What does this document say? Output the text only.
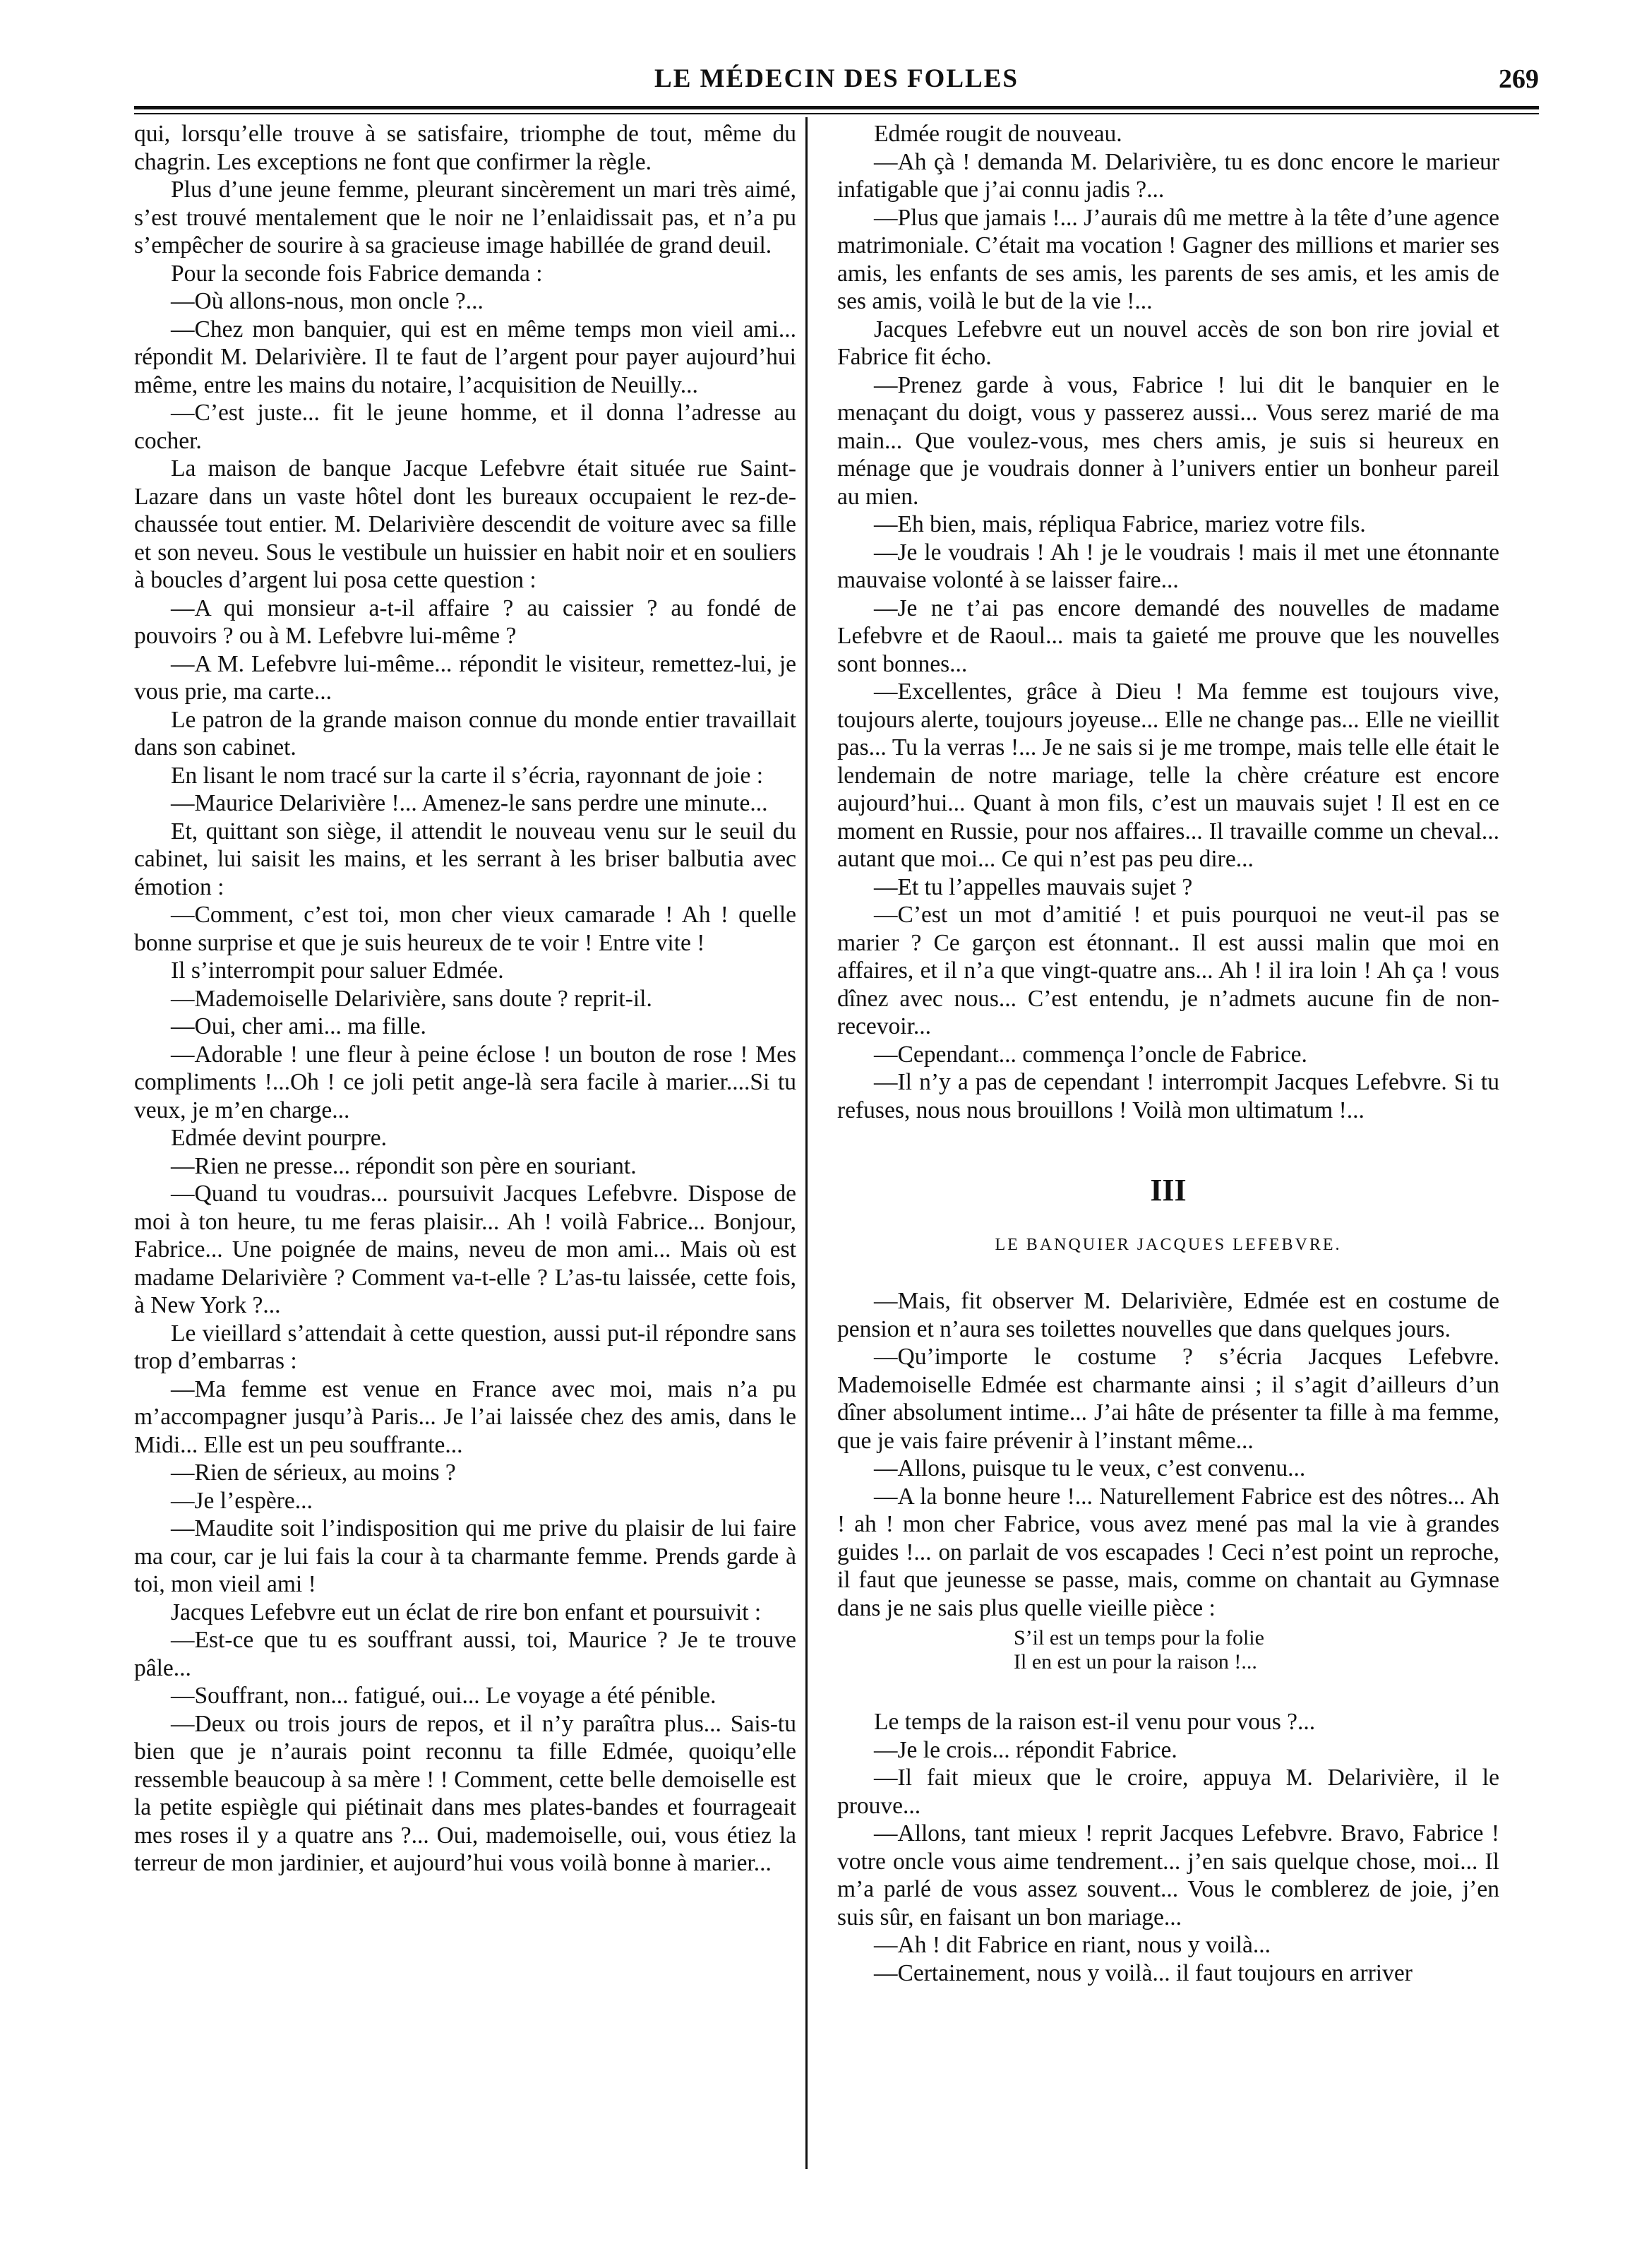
LE MÉDECIN DES FOLLES	269

qui, lorsqu’elle trouve à se satisfaire, triomphe de tout, même du chagrin. Les exceptions ne font que confirmer la règle.

Plus d’une jeune femme, pleurant sincèrement un mari très aimé, s’est trouvé mentalement que le noir ne l’enlaidissait pas, et n’a pu s’empêcher de sourire à sa gracieuse image habillée de grand deuil.

Pour la seconde fois Fabrice demanda :

—Où allons-nous, mon oncle ?...

—Chez mon banquier, qui est en même temps mon vieil ami... répondit M. Delarivière. Il te faut de l’argent pour payer aujourd’hui même, entre les mains du notaire, l’acquisition de Neuilly...

—C’est juste... fit le jeune homme, et il donna l’adresse au cocher.

La maison de banque Jacque Lefebvre était située rue Saint-Lazare dans un vaste hôtel dont les bureaux occupaient le rez-de-chaussée tout entier. M. Delarivière descendit de voiture avec sa fille et son neveu. Sous le vestibule un huissier en habit noir et en souliers à boucles d’argent lui posa cette question :

—A qui monsieur a-t-il affaire ? au caissier ? au fondé de pouvoirs ? ou à M. Lefebvre lui-même ?

—A M. Lefebvre lui-même... répondit le visiteur, remettez-lui, je vous prie, ma carte...

Le patron de la grande maison connue du monde entier travaillait dans son cabinet.

En lisant le nom tracé sur la carte il s’écria, rayonnant de joie :

—Maurice Delarivière !... Amenez-le sans perdre une minute...

Et, quittant son siège, il attendit le nouveau venu sur le seuil du cabinet, lui saisit les mains, et les serrant à les briser balbutia avec émotion :

—Comment, c’est toi, mon cher vieux camarade ! Ah ! quelle bonne surprise et que je suis heureux de te voir ! Entre vite !

Il s’interrompit pour saluer Edmée.

—Mademoiselle Delarivière, sans doute ? reprit-il.

—Oui, cher ami... ma fille.

—Adorable ! une fleur à peine éclose ! un bouton de rose ! Mes compliments !...Oh ! ce joli petit ange-là sera facile à marier....Si tu veux, je m’en charge...

Edmée devint pourpre.

—Rien ne presse... répondit son père en souriant.

—Quand tu voudras... poursuivit Jacques Lefebvre. Dispose de moi à ton heure, tu me feras plaisir... Ah ! voilà Fabrice... Bonjour, Fabrice... Une poignée de mains, neveu de mon ami... Mais où est madame Delarivière ? Comment va-t-elle ? L’as-tu laissée, cette fois, à New York ?...

Le vieillard s’attendait à cette question, aussi put-il répondre sans trop d’embarras :

—Ma femme est venue en France avec moi, mais n’a pu m’accompagner jusqu’à Paris... Je l’ai laissée chez des amis, dans le Midi... Elle est un peu souffrante...

—Rien de sérieux, au moins ?

—Je l’espère...

—Maudite soit l’indisposition qui me prive du plaisir de lui faire ma cour, car je lui fais la cour à ta charmante femme. Prends garde à toi, mon vieil ami !

Jacques Lefebvre eut un éclat de rire bon enfant et poursuivit :

—Est-ce que tu es souffrant aussi, toi, Maurice ? Je te trouve pâle...

—Souffrant, non... fatigué, oui... Le voyage a été pénible.

—Deux ou trois jours de repos, et il n’y paraîtra plus... Sais-tu bien que je n’aurais point reconnu ta fille Edmée, quoiqu’elle ressemble beaucoup à sa mère ! ! Comment, cette belle demoiselle est la petite espiègle qui piétinait dans mes plates-bandes et fourrageait mes roses il y a quatre ans ?... Oui, mademoiselle, oui, vous étiez la terreur de mon jardinier, et aujourd’hui vous voilà bonne à marier...

Edmée rougit de nouveau.

—Ah çà ! demanda M. Delarivière, tu es donc encore le marieur infatigable que j’ai connu jadis ?...

—Plus que jamais !... J’aurais dû me mettre à la tête d’une agence matrimoniale. C’était ma vocation ! Gagner des millions et marier ses amis, les enfants de ses amis, les parents de ses amis, et les amis de ses amis, voilà le but de la vie !...

Jacques Lefebvre eut un nouvel accès de son bon rire jovial et Fabrice fit écho.

—Prenez garde à vous, Fabrice ! lui dit le banquier en le menaçant du doigt, vous y passerez aussi... Vous serez marié de ma main... Que voulez-vous, mes chers amis, je suis si heureux en ménage que je voudrais donner à l’univers entier un bonheur pareil au mien.

—Eh bien, mais, répliqua Fabrice, mariez votre fils.

—Je le voudrais ! Ah ! je le voudrais ! mais il met une étonnante mauvaise volonté à se laisser faire...

—Je ne t’ai pas encore demandé des nouvelles de madame Lefebvre et de Raoul... mais ta gaieté me prouve que les nouvelles sont bonnes...

—Excellentes, grâce à Dieu ! Ma femme est toujours vive, toujours alerte, toujours joyeuse... Elle ne change pas... Elle ne vieillit pas... Tu la verras !... Je ne sais si je me trompe, mais telle elle était le lendemain de notre mariage, telle la chère créature est encore aujourd’hui... Quant à mon fils, c’est un mauvais sujet ! Il est en ce moment en Russie, pour nos affaires... Il travaille comme un cheval... autant que moi... Ce qui n’est pas peu dire...

—Et tu l’appelles mauvais sujet ?

—C’est un mot d’amitié ! et puis pourquoi ne veut-il pas se marier ? Ce garçon est étonnant.. Il est aussi malin que moi en affaires, et il n’a que vingt-quatre ans... Ah ! il ira loin ! Ah ça ! vous dînez avec nous... C’est entendu, je n’admets aucune fin de non-recevoir...

—Cependant... commença l’oncle de Fabrice.

—Il n’y a pas de cependant ! interrompit Jacques Lefebvre. Si tu refuses, nous nous brouillons ! Voilà mon ultimatum !...

III
LE BANQUIER JACQUES LEFEBVRE.

—Mais, fit observer M. Delarivière, Edmée est en costume de pension et n’aura ses toilettes nouvelles que dans quelques jours.

—Qu’importe le costume ? s’écria Jacques Lefebvre. Mademoiselle Edmée est charmante ainsi ; il s’agit d’ailleurs d’un dîner absolument intime... J’ai hâte de présenter ta fille à ma femme, que je vais faire prévenir à l’instant même...

—Allons, puisque tu le veux, c’est convenu...

—A la bonne heure !... Naturellement Fabrice est des nôtres... Ah ! ah ! mon cher Fabrice, vous avez mené pas mal la vie à grandes guides !... on parlait de vos escapades ! Ceci n’est point un reproche, il faut que jeunesse se passe, mais, comme on chantait au Gymnase dans je ne sais plus quelle vieille pièce :

S’il est un temps pour la folie
Il en est un pour la raison !...

Le temps de la raison est-il venu pour vous ?...

—Je le crois... répondit Fabrice.

—Il fait mieux que le croire, appuya M. Delarivière, il le prouve...

—Allons, tant mieux ! reprit Jacques Lefebvre. Bravo, Fabrice ! votre oncle vous aime tendrement... j’en sais quelque chose, moi... Il m’a parlé de vous assez souvent... Vous le comblerez de joie, j’en suis sûr, en faisant un bon mariage...

—Ah ! dit Fabrice en riant, nous y voilà...

—Certainement, nous y voilà... il faut toujours en arriver
